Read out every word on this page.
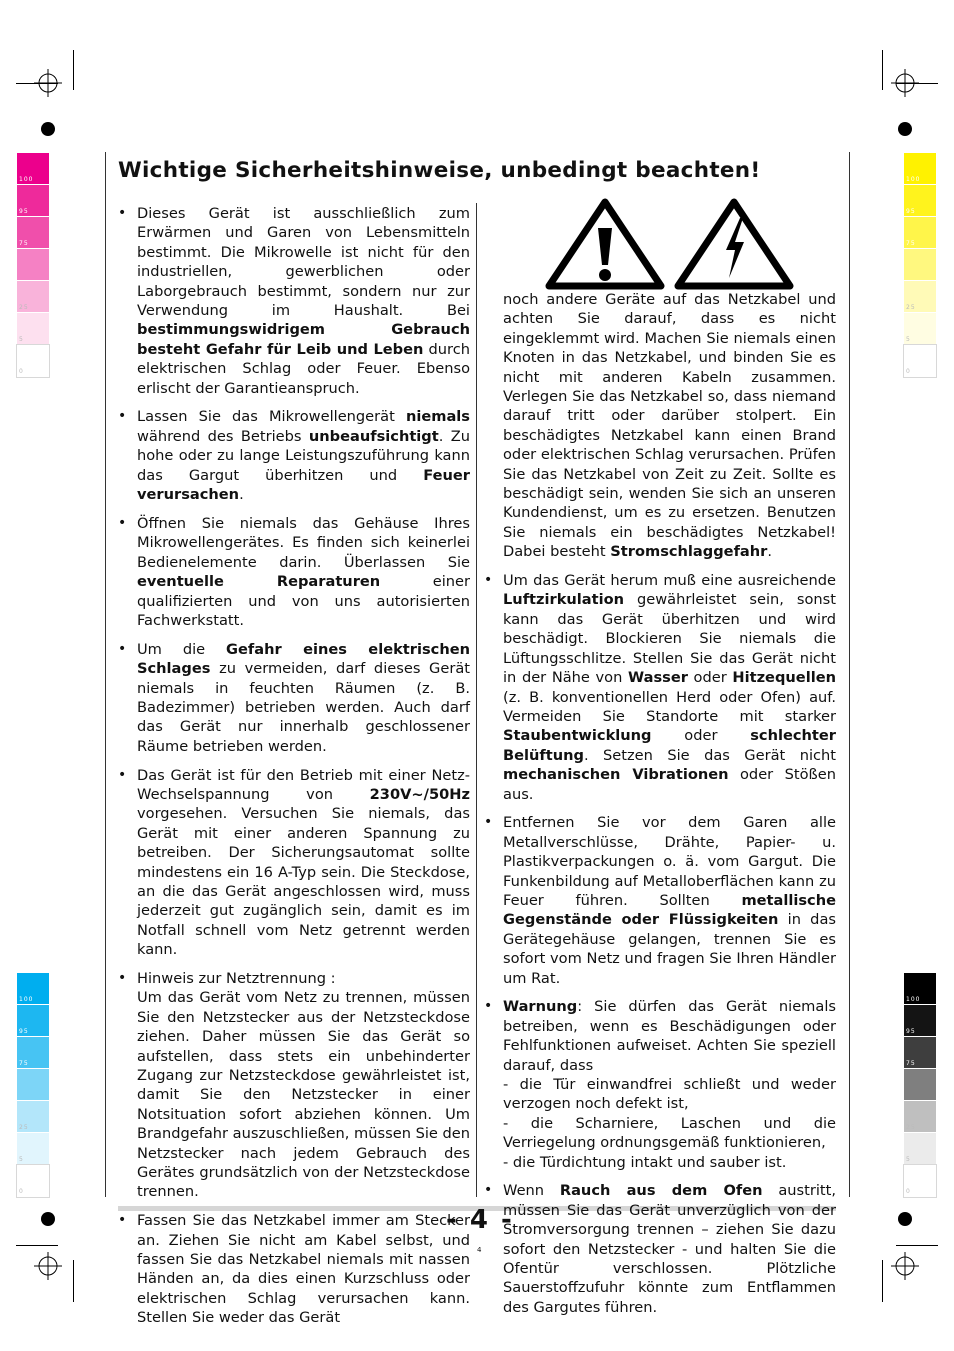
100
95
75
25
5
0
100
95
75
25
5
0
100
95
75
25
5
0
100
95
75
25
5
0
Wichtige Sicherheitshinweise, unbedingt beachten!
• Dieses Gerät ist ausschließlich zum Erwärmen und Garen von Lebensmitteln bestimmt. Die Mikrowelle ist nicht für den industriellen, gewerblichen oder Laborgebrauch bestimmt, sondern nur zur Verwendung im Haushalt. Bei bestimmungswidrigem Gebrauch besteht Gefahr für Leib und Leben durch elektrischen Schlag oder Feuer. Ebenso erlischt der Garantieanspruch.

• Lassen Sie das Mikrowellengerät niemals während des Betriebs unbeaufsichtigt. Zu hohe oder zu lange Leistungszuführung kann das Gargut überhitzen und Feuer verursachen.

• Öffnen Sie niemals das Gehäuse Ihres Mikrowellengerätes. Es finden sich keinerlei Bedienelemente darin. Überlassen Sie eventuelle Reparaturen einer qualifizierten und von uns autorisierten Fachwerkstatt.

• Um die Gefahr eines elektrischen Schlages zu vermeiden, darf dieses Gerät niemals in feuchten Räumen (z. B. Badezimmer) betrieben werden. Auch darf das Gerät nur innerhalb geschlossener Räume betrieben werden.

• Das Gerät ist für den Betrieb mit einer Netz-Wechselspannung von 230V~/50Hz vorgesehen. Versuchen Sie niemals, das Gerät mit einer anderen Spannung zu betreiben. Der Sicherungsautomat sollte mindestens ein 16 A-Typ sein. Die Steckdose, an die das Gerät angeschlossen wird, muss jederzeit gut zugänglich sein, damit es im Notfall schnell vom Netz getrennt werden kann.

• Hinweis zur Netztrennung :
Um das Gerät vom Netz zu trennen, müssen Sie den Netzstecker aus der Netzsteckdose ziehen. Daher müssen Sie das Gerät so aufstellen, dass stets ein unbehinderter Zugang zur Netzsteckdose gewährleistet ist, damit Sie den Netzstecker in einer Notsituation sofort abziehen können. Um Brandgefahr auszuschließen, müssen Sie den Netzstecker nach jedem Gebrauch des Gerätes grundsätzlich von der Netzsteckdose trennen.

• Fassen Sie das Netzkabel immer am Stecker an. Ziehen Sie nicht am Kabel selbst, und fassen Sie das Netzkabel niemals mit nassen Händen an, da dies einen Kurzschluss oder elektrischen Schlag verursachen kann. Stellen Sie weder das Gerät

noch andere Geräte auf das Netzkabel und achten Sie darauf, dass es nicht eingeklemmt wird. Machen Sie niemals einen Knoten in das Netzkabel, und binden Sie es nicht mit anderen Kabeln zusammen. Verlegen Sie das Netzkabel so, dass niemand darauf tritt oder darüber stolpert. Ein beschädigtes Netzkabel kann einen Brand oder elektrischen Schlag verursachen. Prüfen Sie das Netzkabel von Zeit zu Zeit. Sollte es beschädigt sein, wenden Sie sich an unseren Kundendienst, um es zu ersetzen. Benutzen Sie niemals ein beschädigtes Netzkabel! Dabei besteht Stromschlaggefahr.

• Um das Gerät herum muß eine ausreichende Luftzirkulation gewährleistet sein, sonst kann das Gerät überhitzen und wird beschädigt. Blockieren Sie niemals die Lüftungsschlitze. Stellen Sie das Gerät nicht in der Nähe von Wasser oder Hitzequellen (z. B. konventionellen Herd oder Ofen) auf. Vermeiden Sie Standorte mit starker Staubentwicklung oder schlechter Belüftung. Setzen Sie das Gerät nicht mechanischen Vibrationen oder Stößen aus.

• Entfernen Sie vor dem Garen alle Metallverschlüsse, Drähte, Papier- u. Plastikverpackungen o. ä. vom Gargut. Die Funkenbildung auf Metalloberflächen kann zu Feuer führen. Sollten metallische Gegenstände oder Flüssigkeiten in das Gerätegehäuse gelangen, trennen Sie es sofort vom Netz und fragen Sie Ihren Händler um Rat.

• Warnung: Sie dürfen das Gerät niemals betreiben, wenn es Beschädigungen oder Fehlfunktionen aufweiset. Achten Sie speziell darauf, dass
- die Tür einwandfrei schließt und weder verzogen noch defekt ist,
- die Scharniere, Laschen und die Verriegelung ordnungsgemäß funktionieren,
- die Türdichtung intakt und sauber ist.

• Wenn Rauch aus dem Ofen austritt, müssen Sie das Gerät unverzüglich von der Stromversorgung trennen – ziehen Sie dazu sofort den Netzstecker - und halten Sie die Ofentür verschlossen. Plötzliche Sauerstoffzufuhr könnte zum Entflammen des Gargutes führen.

- 4 -
4
